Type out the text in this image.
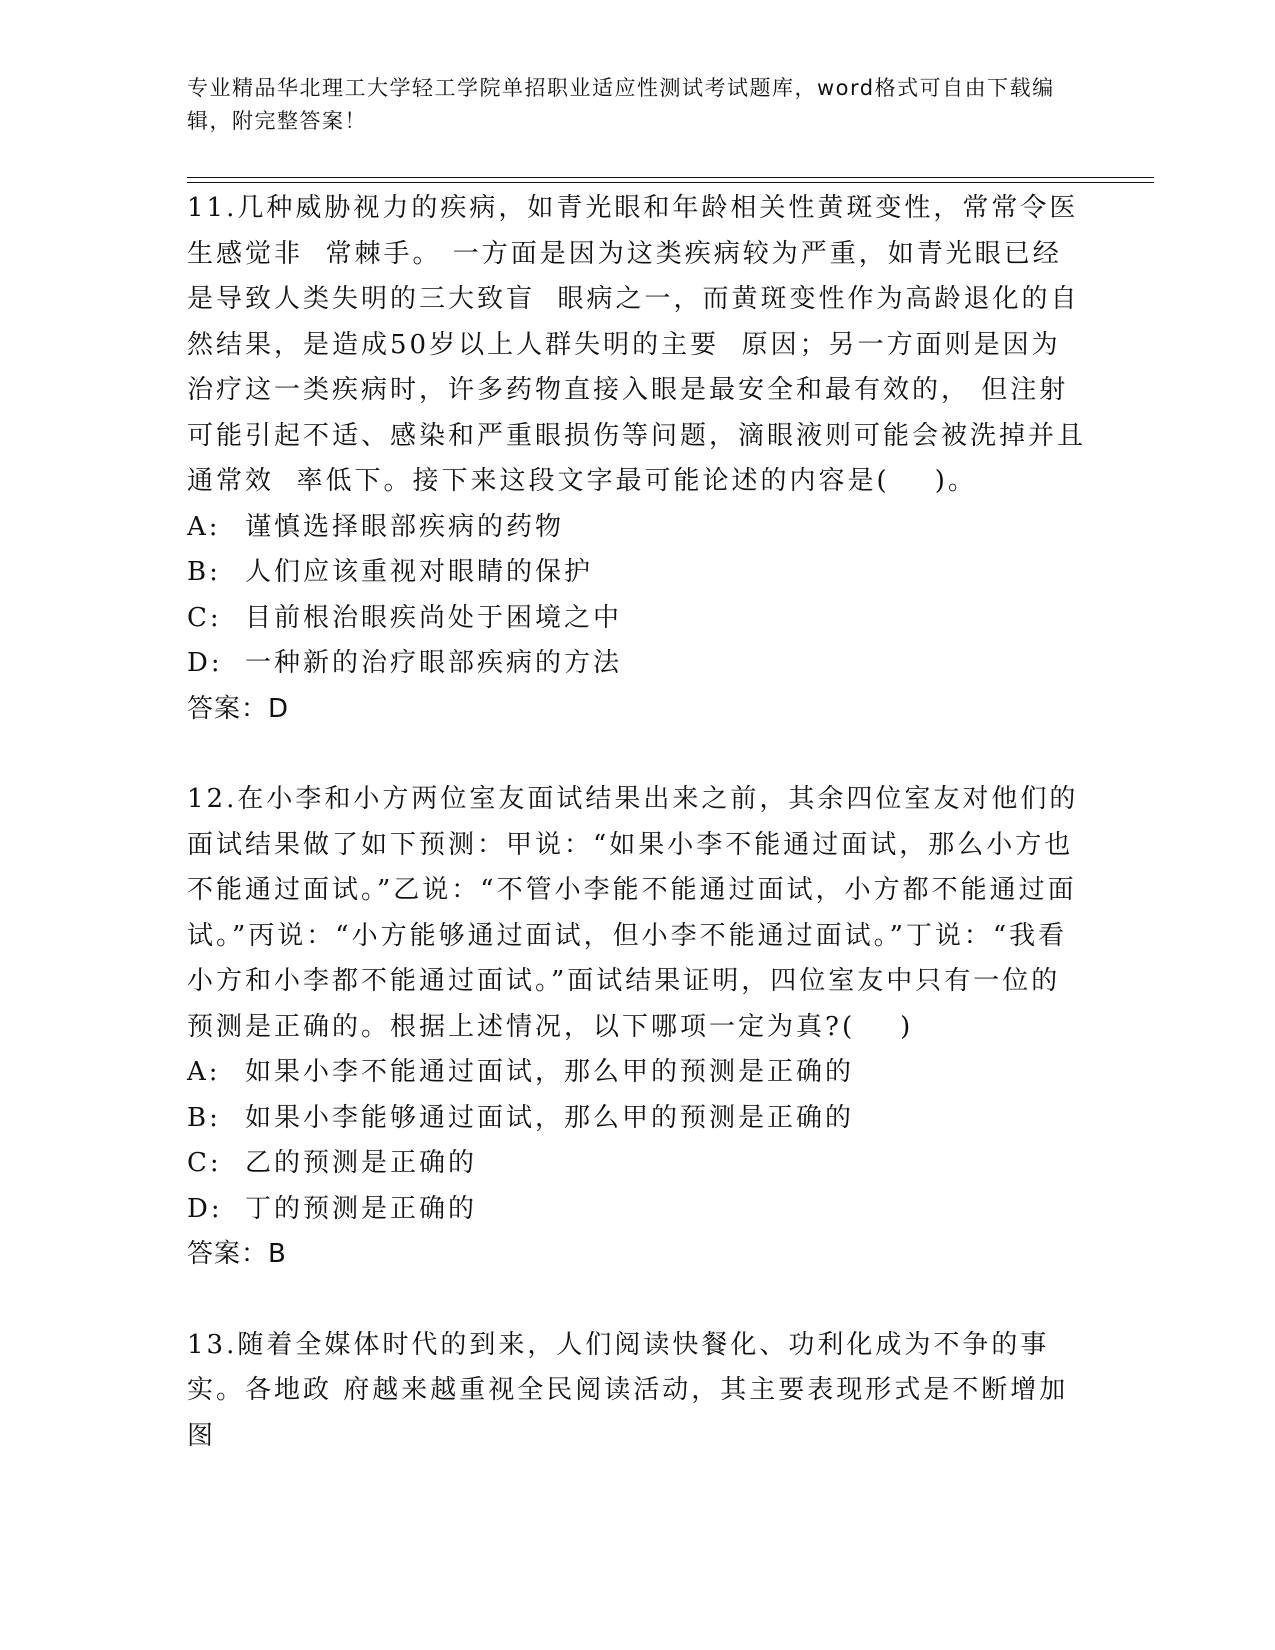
专业精品华北理工大学轻工学院单招职业适应性测试考试题库，word格式可自由下载编辑，附完整答案！

11.几种威胁视力的疾病，如青光眼和年龄相关性黄斑变性，常常令医生感觉非  常棘手。 一方面是因为这类疾病较为严重，如青光眼已经是导致人类失明的三大致盲  眼病之一，而黄斑变性作为高龄退化的自然结果，是造成50岁以上人群失明的主要  原因；另一方面则是因为治疗这一类疾病时，许多药物直接入眼是最安全和最有效的， 但注射可能引起不适、感染和严重眼损伤等问题，滴眼液则可能会被洗掉并且通常效  率低下。接下来这段文字最可能论述的内容是(    )。

A: 谨慎选择眼部疾病的药物
B: 人们应该重视对眼睛的保护
C: 目前根治眼疾尚处于困境之中
D: 一种新的治疗眼部疾病的方法

答案：D

12.在小李和小方两位室友面试结果出来之前，其余四位室友对他们的面试结果做了如下预测：甲说：“如果小李不能通过面试，那么小方也不能通过面试。”乙说：“不管小李能不能通过面试，小方都不能通过面试。”丙说：“小方能够通过面试，但小李不能通过面试。”丁说：“我看小方和小李都不能通过面试。”面试结果证明，四位室友中只有一位的预测是正确的。根据上述情况，以下哪项一定为真?(    )

A: 如果小李不能通过面试，那么甲的预测是正确的
B: 如果小李能够通过面试，那么甲的预测是正确的
C: 乙的预测是正确的
D: 丁的预测是正确的

答案：B

13.随着全媒体时代的到来，人们阅读快餐化、功利化成为不争的事实。各地政 府越来越重视全民阅读活动，其主要表现形式是不断增加图
